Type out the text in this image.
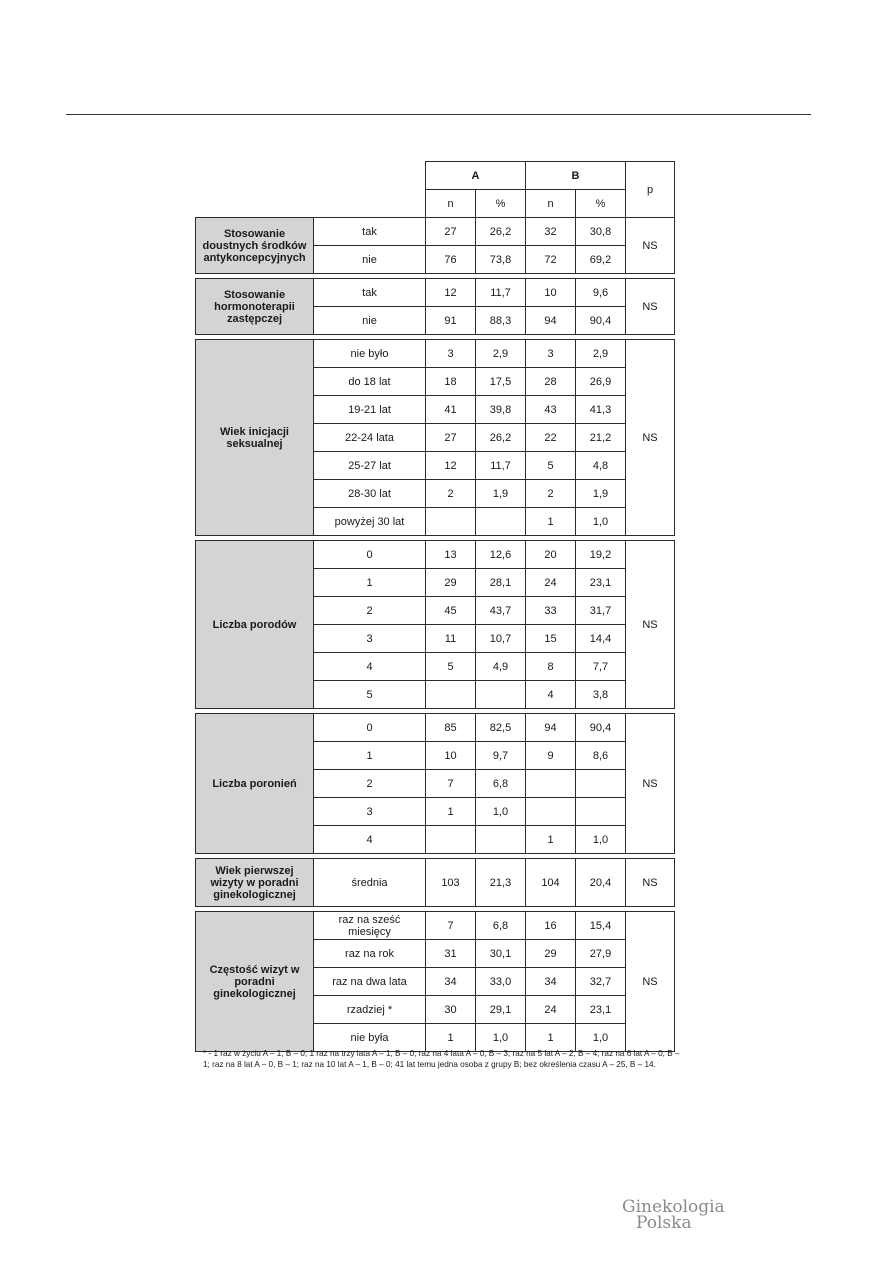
		A		B		p
		n	%	n	%	
Stosowanie doustnych środków antykoncepcyjnych	tak	27	26,2	32	30,8	NS
	nie	76	73,8	72	69,2	

Stosowanie hormonoterapii zastępczej	tak	12	11,7	10	9,6	NS
	nie	91	88,3	94	90,4	

Wiek inicjacji seksualnej	nie było	3	2,9	3	2,9	NS
	do 18 lat	18	17,5	28	26,9	
	19-21 lat	41	39,8	43	41,3	
	22-24 lata	27	26,2	22	21,2	
	25-27 lat	12	11,7	5	4,8	
	28-30 lat	2	1,9	2	1,9	
	powyżej 30 lat			1	1,0	

Liczba porodów	0	13	12,6	20	19,2	NS
	1	29	28,1	24	23,1	
	2	45	43,7	33	31,7	
	3	11	10,7	15	14,4	
	4	5	4,9	8	7,7	
	5			4	3,8	

Liczba poronień	0	85	82,5	94	90,4	NS
	1	10	9,7	9	8,6	
	2	7	6,8			
	3	1	1,0			
	4			1	1,0	

Wiek pierwszej wizyty w poradni ginekologicznej	średnia	103	21,3	104	20,4	NS

Częstość wizyt w poradni ginekologicznej	raz na sześć miesięcy	7	6,8	16	15,4	NS
	raz na rok	31	30,1	29	27,9	
	raz na dwa lata	34	33,0	34	32,7	
	rzadziej *	30	29,1	24	23,1	
	nie była	1	1,0	1	1,0	
* - 1 raz w życiu A – 1, B – 0; 1 raz na trzy lata A – 1, B – 0; raz na 4 lata A – 0, B – 3; raz na 5 lat A – 2, B – 4; raz na 6 lat A – 0, B – 1; raz na 8 lat A – 0, B – 1; raz na 10 lat A – 1, B – 0; 41 lat temu jedna osoba z grupy B; bez określenia czasu A – 25, B – 14.
Ginekologia
Polska
